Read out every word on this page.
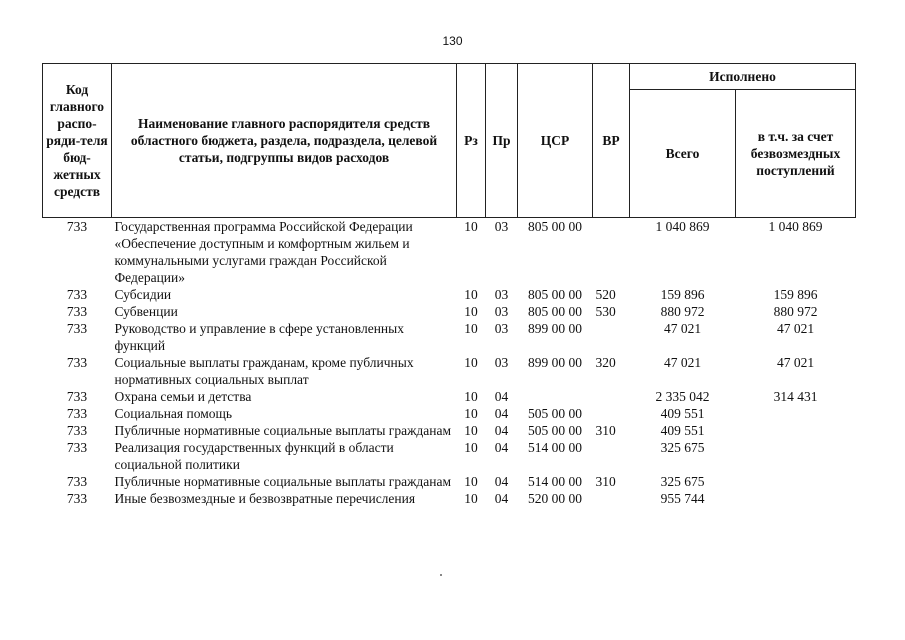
130
Код главного распо-ряди-теля бюд-жетных средств	Наименование главного распорядителя средств областного бюджета, раздела, подраздела, целевой статьи, подгруппы видов расходов	Рз	Пр	ЦСР	ВР	Исполнено	
						Всего	в т.ч. за счет безвозмездных поступлений
733	Государственная программа Российской Федерации «Обеспечение доступным и комфортным жильем и коммунальными услугами граждан Российской Федерации»	10	03	805 00 00		1 040 869	1 040 869
733	Субсидии	10	03	805 00 00	520	159 896	159 896
733	Субвенции	10	03	805 00 00	530	880 972	880 972
733	Руководство и управление в сфере установленных функций	10	03	899 00 00		47 021	47 021
733	Социальные выплаты гражданам, кроме публичных нормативных социальных выплат	10	03	899 00 00	320	47 021	47 021
733	Охрана семьи и детства	10	04			2 335 042	314 431
733	Социальная помощь	10	04	505 00 00		409 551	
733	Публичные нормативные социальные выплаты гражданам	10	04	505 00 00	310	409 551	
733	Реализация государственных функций в области социальной политики	10	04	514 00 00		325 675	
733	Публичные нормативные социальные выплаты гражданам	10	04	514 00 00	310	325 675	
733	Иные безвозмездные и безвозвратные перечисления	10	04	520 00 00		955 744	
